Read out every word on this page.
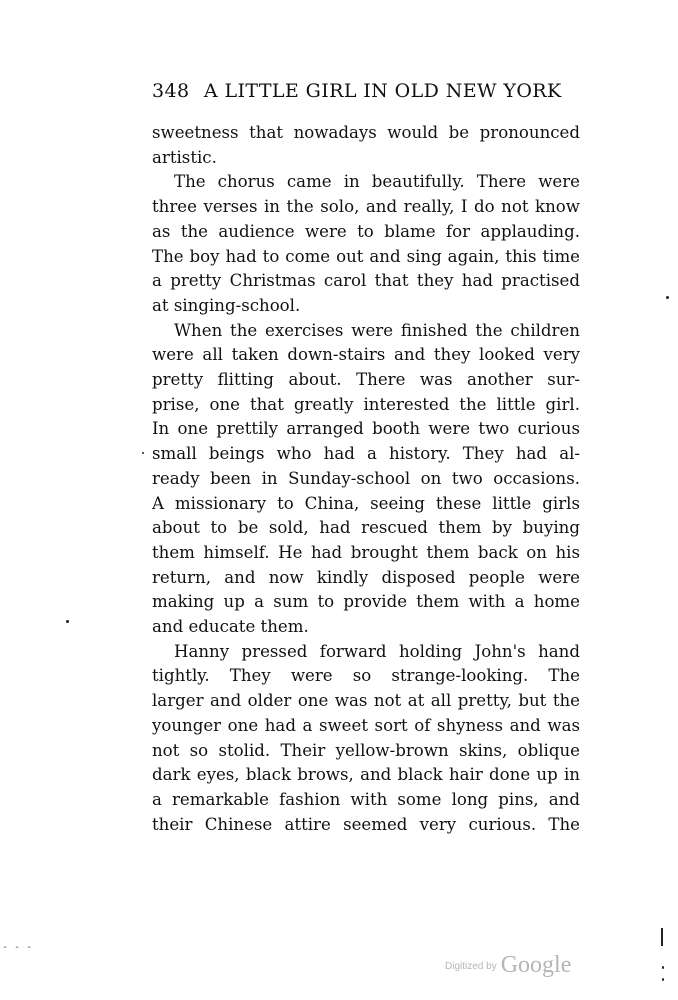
348 A LITTLE GIRL IN OLD NEW YORK
sweetness that nowadays would be pronounced
artistic.
The chorus came in beautifully. There were
three verses in the solo, and really, I do not know
as the audience were to blame for applauding.
The boy had to come out and sing again, this time
a pretty Christmas carol that they had practised
at singing-school.
When the exercises were finished the children
were all taken down-stairs and they looked very
pretty flitting about. There was another sur-
prise, one that greatly interested the little girl.
In one prettily arranged booth were two curious
small beings who had a history. They had al-
ready been in Sunday-school on two occasions.
A missionary to China, seeing these little girls
about to be sold, had rescued them by buying
them himself. He had brought them back on his
return, and now kindly disposed people were
making up a sum to provide them with a home
and educate them.
Hanny pressed forward holding John's hand
tightly. They were so strange-looking. The
larger and older one was not at all pretty, but the
younger one had a sweet sort of shyness and was
not so stolid. Their yellow-brown skins, oblique
dark eyes, black brows, and black hair done up in
a remarkable fashion with some long pins, and
their Chinese attire seemed very curious. The
- - -
Digitized by Google
